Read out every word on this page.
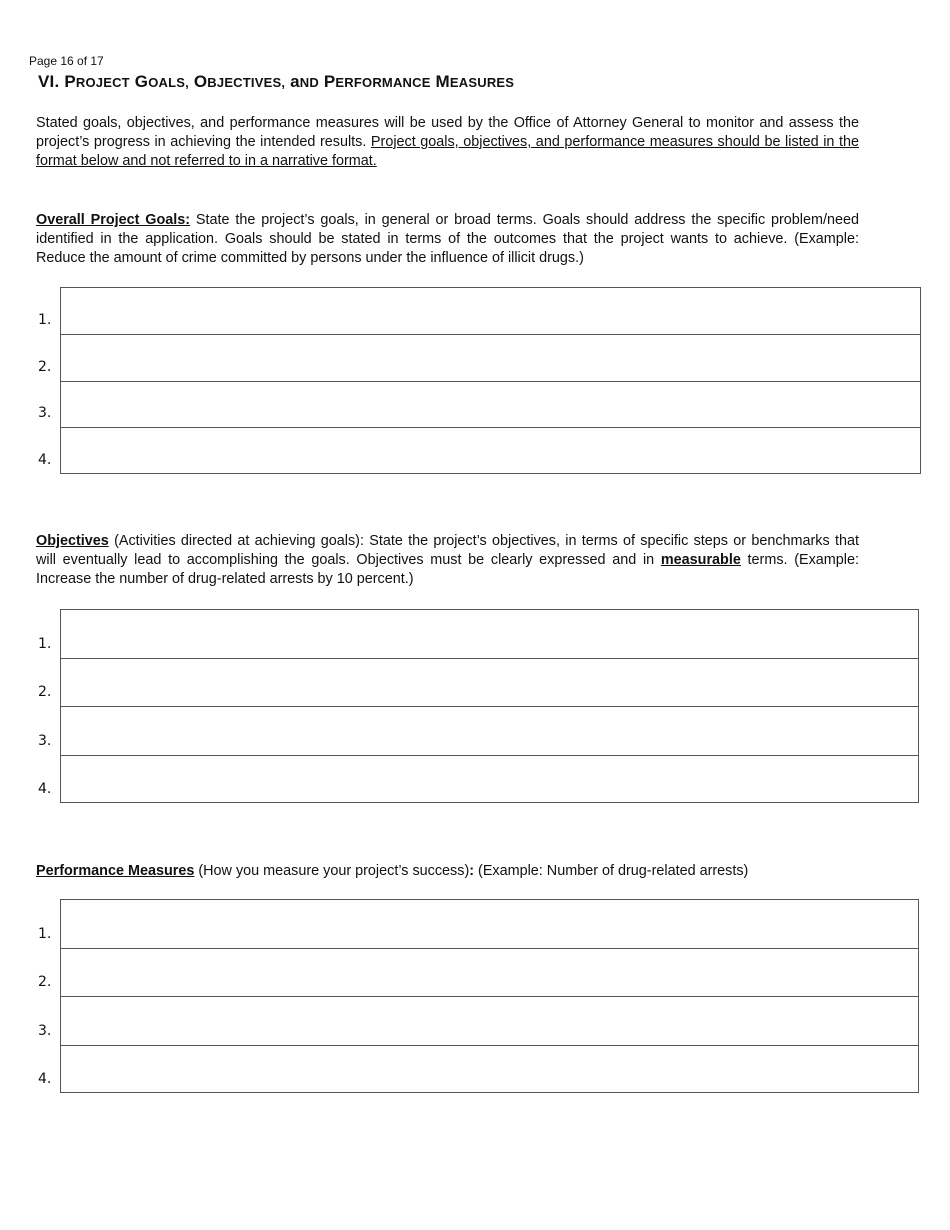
Page 16 of 17
VI. PROJECT GOALS, OBJECTIVES, aND PERFORMANCE MEASURES
Stated goals, objectives, and performance measures will be used by the Office of Attorney General to monitor and assess the project’s progress in achieving the intended results. Project goals, objectives, and performance measures should be listed in the format below and not referred to in a narrative format.
Overall Project Goals: State the project’s goals, in general or broad terms. Goals should address the specific problem/need identified in the application. Goals should be stated in terms of the outcomes that the project wants to achieve. (Example: Reduce the amount of crime committed by persons under the influence of illicit drugs.)
1.
2.
3.
4.
Objectives (Activities directed at achieving goals): State the project’s objectives, in terms of specific steps or benchmarks that will eventually lead to accomplishing the goals. Objectives must be clearly expressed and in measurable terms. (Example: Increase the number of drug-related arrests by 10 percent.)
1.
2.
3.
4.
Performance Measures (How you measure your project’s success): (Example: Number of drug-related arrests)
1.
2.
3.
4.
